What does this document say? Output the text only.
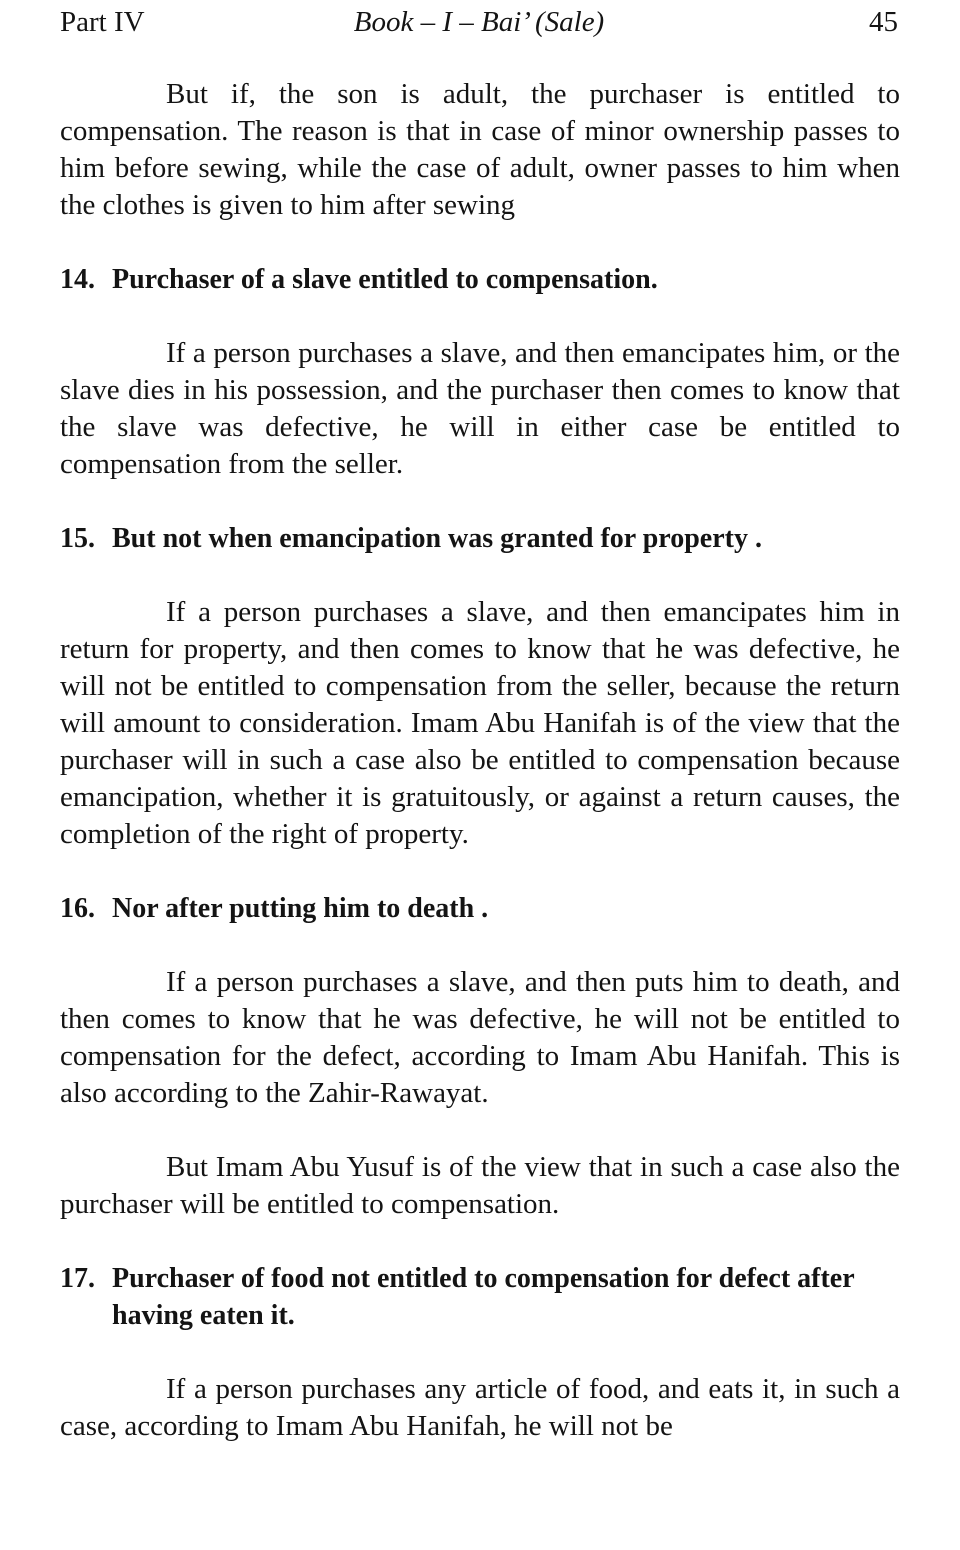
Part IV	Book – I – Bai’ (Sale)	45

But if, the son is adult, the purchaser is entitled to compensation. The reason is that in case of minor ownership passes to him before sewing, while the case of adult, owner passes to him when the clothes is given to him after sewing

14. Purchaser of a slave entitled to compensation.

If a person purchases a slave, and then emancipates him, or the slave dies in his possession, and the purchaser then comes to know that the slave was defective, he will in either case be entitled to compensation from the seller.

15. But not when emancipation was granted for property .

If a person purchases a slave, and then emancipates him in return for property, and then comes to know that he was defective, he will not be entitled to compensation from the seller, because the return will amount to consideration. Imam Abu Hanifah is of the view that the purchaser will in such a case also be entitled to compensation because emancipation, whether it is gratuitously, or against a return causes, the completion of the right of property.

16. Nor after putting him to death .

If a person purchases a slave, and then puts him to death, and then comes to know that he was defective, he will not be entitled to compensation for the defect, according to Imam Abu Hanifah. This is also according to the Zahir-Rawayat.

But Imam Abu Yusuf is of the view that in such a case also the purchaser will be entitled to compensation.

17. Purchaser of food not entitled to compensation for defect after having eaten it.

If a person purchases any article of food, and eats it, in such a case, according to Imam Abu Hanifah, he will not be
